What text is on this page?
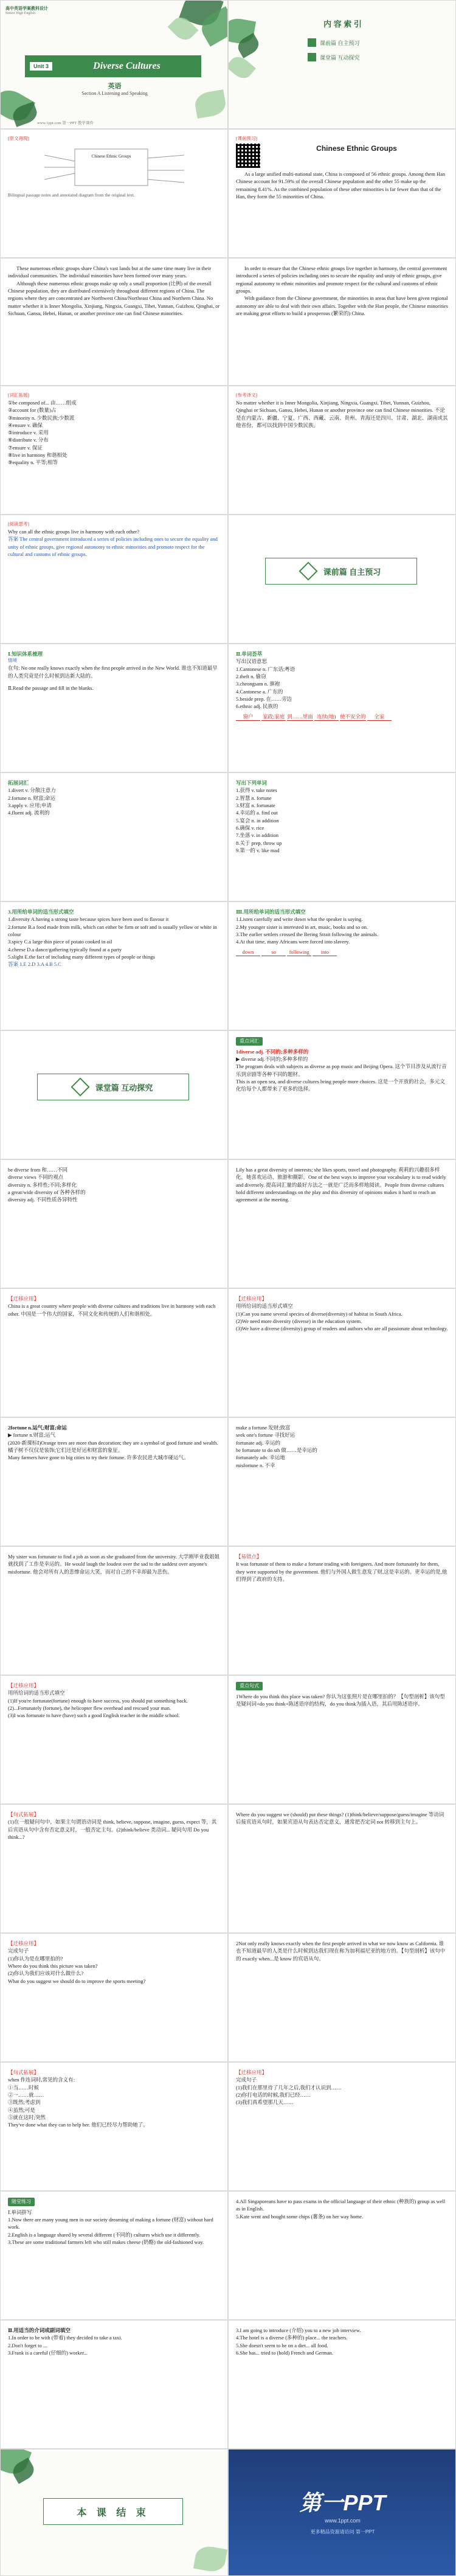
高中英语学案教科设计
Senior High English
Unit 3	Diverse Cultures
英语
Section A Listening and Speaking
www.1ppt.com 第一PPT 教学课件
内 容 索 引
课前篇 自主预习
课堂篇 互动探究
[原文再现]
Chinese Ethnic Groups
Bilingual passage notes and annotated diagram from the original text.
[课前预习]
Chinese Ethnic Groups
As a large unified multi-national state, China is composed of 56 ethnic groups. Among them Han Chinese account for 91.59% of the overall Chinese population and the other 55 make up the remaining 8.41%. As the combined population of these other minorities is far fewer than that of the Han, they form the 55 minorities of China.
These numerous ethnic groups share China's vast lands but at the same time many live in their individual communities. The individual minorities have been formed over many years.
Although these numerous ethnic groups make up only a small proportion (比例) of the overall Chinese population, they are distributed extensively throughout different regions of China. The regions where they are concentrated are Northwest China/Northeast China and Northern China. No matter whether it is Inner Mongolia, Xinjiang, Ningxia, Guangxi, Tibet, Yunnan, Guizhou, Qinghai, or Sichuan, Gansu, Hebei, Hunan, or another province one can find Chinese minorities.
In order to ensure that the Chinese ethnic groups live together in harmony, the central government introduced a series of policies including ones to secure the equality and unity of ethnic groups, give regional autonomy to ethnic minorities and promote respect for the cultural and customs of ethnic groups.
With guidance from the Chinese government, the minorities in areas that have been given regional autonomy are able to deal with their own affairs. Together with the Han people, the Chinese minorities are making great efforts to build a prosperous (繁荣的) China.
[词汇拓展]
①be composed of... 由……组成
②account for (数量)占
③minority n. 少数民族;少数派
④ensure v. 确保
⑤introduce v. 采用
⑥distribute v. 分布
⑦ensure v. 保证
⑧live in harmony 和谐相处
⑨equality n. 平等;相等
[参考译文]
No matter whether it is Inner Mongolia, Xinjiang, Ningxia, Guangxi, Tibet, Yunnan, Guizhou, Qinghai or Sichuan, Gansu, Hebei, Hunan or another province one can find Chinese minorities. 不论是在内蒙古、新疆、宁夏、广西、西藏、云南、贵州、青海还是四川、甘肃、湖北、湖南或其他省份，都可以找到中国少数民族。
[阅读思考]
Why can all the ethnic groups live in harmony with each other?
答案 The central government introduced a series of policies including ones to secure the equality and unity of ethnic groups, give regional autonomy to ethnic minorities and promote respect for the cultural and customs of ethnic groups.
课前篇 自主预习
Ⅰ.知识体系梳理
情境
在句: No one really knows exactly when the first people arrived in the New World. 谁也不知道最早的人类究竟是什么时候到达新大陆的。
Ⅱ.Read the passage and fill in the blanks.
Ⅱ.单词荟萃
写出汉语意思
1.Cantonese n. 广东话;粤语
2.theft n. 偷窃
3.cheongsam n. 旗袍
4.Cantonese a. 广东的
5.beside prep. 在……旁边
6.ethnic adj. 民族的
窗户 家政;家庭 到……里面 连续(地) 使不安全的 全家
拓展词汇
1.divert v. 分散注意力
2.fortune n. 财富;命运
3.apply v. 应用;申请
4.fluent adj. 流利的
写出下列单词
1.获得 v. take notes
2.智慧 n. fortune
3.财富 n. fortunate
4.幸运的 a. find out
5.宴会 n. in addition
6.确保 v. rice
7.坐落 v. in addition
8.关于 prep. throw up
9.第一的 v. like mad
3.用所给单词的适当形式填空
1.diversity A.having a strong taste because spices have been used to flavour it
2.fortune B.a food made from milk, which can either be firm or soft and is usually yellow or white in colour
3.spicy C.a large thin piece of potato cooked in oil
4.cheese D.a dance/gathering typically found at a party
5.slight E.the fact of including many different types of people or things
答案 1.E 2.D 3.A 4.B 5.C
Ⅲ.用所给单词的适当形式填空
1.Listen carefully and write down what the speaker is saying.
2.My younger sister is interested in art, music, books and so on.
3.The earlier settlers crossed the Bering Strait following the animals.
4.At that time, many Africans were forced into slavery.
down	so	following into
课堂篇 互动探究
重点词汇
1diverse adj. 不同的;多种多样的
▶ diverse adj.不同的;多种多样的
The program deals with subjects as diverse as pop music and Beijing Opera. 这个节目涉及从流行音乐到京剧等各种不同的题材。
This is an open sea, and diverse cultures bring people more choices. 这是一个开放的社会，多元文化给每个人都带来了更多的选择。
be diverse from 和……不同
diverse views 不同的观点
diversity n. 多样性;不同;多样化
a great/wide diversity of 各种各样的
diversity adj. 不同性质各异特性
Lily has a great diversity of interests; she likes sports, travel and photography. 莉莉的兴趣很多样化，她喜欢运动、旅游和摄影。One of the best ways to improve your vocabulary is to read widely and diversely. 提高词汇量的最好方法之一就是广泛而多样地阅读。People from diverse cultures hold different understandings on the play and this diversity of opinions makes it hard to reach an agreement at the meeting.
【迁移应用】
China is a great country where people with diverse cultures and traditions live in harmony with each other. 中国是一个伟大的国家，不同文化和传统的人们和谐相处。
【迁移应用】
用所给词的适当形式填空
(1)Can you name several species of diverse(diversity) of habitat in South Africa.
(2)We need more diversity (diverse) in the education system.
(3)We have a diverse (diversity) group of readers and authors who are all passionate about technology.
2fortune n.运气;财富;命运
▶ fortune n.财富;运气
(2020·新课标Ⅰ)Orange trees are more than decoration; they are a symbol of good fortune and wealth. 橘子树不仅仅是装饰;它们还是好运和财富的象征。
Many farmers have gone to big cities to try their fortune. 许多农民进大城市碰运气。
make a fortune 发财;致富
seek one's fortune 寻找好运
fortunate adj. 幸运的
be fortunate to do sth 做……是幸运的
fortunately adv. 幸运地
misfortune n. 不幸
My sister was fortunate to find a job as soon as she graduated from the university. 大学刚毕业我姐姐就找到了工作是幸运的。He would laugh the loudest over the sad to the saddest over anyone's misfortune. 他会对所有人的悲惨命运大笑，而对自己的不幸却最为悲伤。
【易错点】
It was fortunate of them to make a fortune trading with foreigners. And more fortunately for them, they were supported by the government. 他们与外国人做生意发了财,这是幸运的。更幸运的是,他们得到了政府的支持。
【迁移应用】
用所给词的适当形式填空
(1)If you're fortunate(fortune) enough to have success, you should put something back.
(2)...Fortunately (fortune), the helicopter flew overhead and rescued your man.
(3)I was fortunate to have (have) such a good English teacher in the middle school.
重点句式
1Where do you think this place was taken? 你认为这张照片是在哪里拍的？【句型剖析】该句型是疑问词+do you think+陈述语序的结构，do you think为插入语，其后用陈述语序。
【句式拓展】
(1)在一般疑问句中，如果主句谓语动词是 think, believe, suppose, imagine, guess, expect 等，其后宾语从句中含有否定意义时，一般否定主句。(2)think/believe 类动词... 疑问句用 Do you think...?
Where do you suggest we (should) put these things? (1)think/believe/suppose/guess/imagine 等动词后接宾语从句时，如果宾语从句表达否定意义，通常把否定词 not 转移到主句上。
【迁移应用】
完成句子
(1)你认为是在哪里拍的?
Where do you think this picture was taken?
(2)你认为我们应该对什么做什么?
What do you suggest we should do to improve the sports meeting?
2Not only really knows exactly when the first people arrived in what we now know as California. 谁也不知道最早的人类是什么时候到达我们现在称为加利福尼亚的地方的。【句型剖析】该句中的 exactly when...是 know 的宾语从句。
【句式拓展】
when 作连词时,常见的含义有:
①当……时候
②一……就……
③既然;考虑到
④虽然;可是
⑤就在这时;突然
They've done what they can to help her. 他们已经尽力帮助她了。
【迁移应用】
完成句子
(1)我们在那里待了几年之后,我们才认识到……
(2)你打电话的时候,我们已经……
(3)我们真希望那几天……
随堂练习
Ⅰ.单词拼写
1.Now there are many young men in our society dreaming of making a fortune (财富) without hard work.
2.English is a language shared by several different (不同的) cultures which use it differently.
3.These are some traditional farmers left who still makes cheese (奶酪) the old-fashioned way.
4.All Singaporeans have to pass exams in the official language of their ethnic (种族的) group as well as in English.
5.Kate went and bought some chips (薯条) on her way home.
Ⅱ.用适当的介词或副词填空
1.In order to be with (带着) they decided to take a taxi.
2.Don't forget to ...
3.Frank is a careful (仔细的) worker...
3.I am going to introduce (介绍) you to a new job interview.
4.The hotel is a diverse (多种的) place... the teachers.
5.She doesn't seem to be on a diet... all food.
6.She has... tried to (hold) French and German.
本 课 结 束	第一PPT
www.1ppt.com
更多精品资源请访问 第一PPT
